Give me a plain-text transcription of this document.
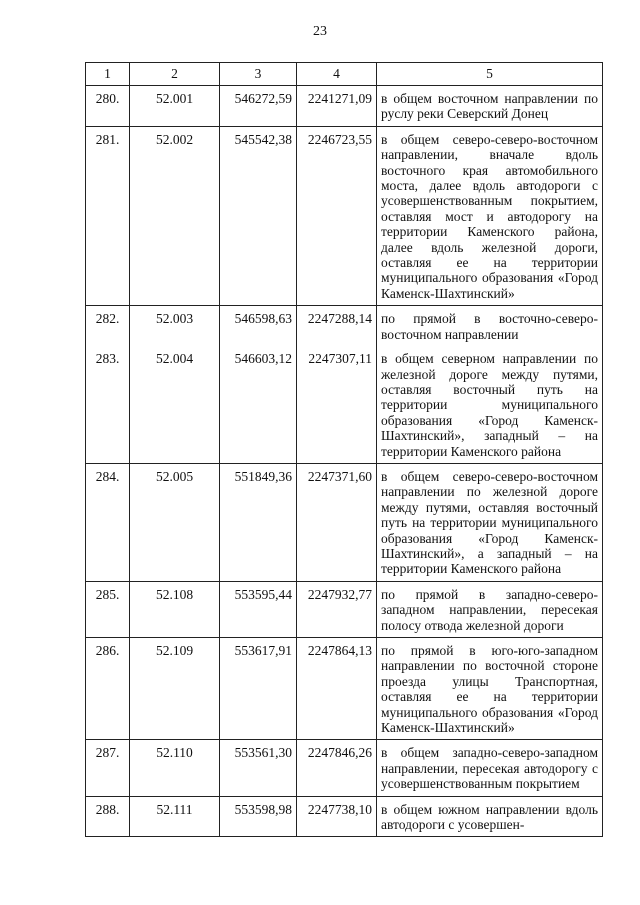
23
1	2	3	4	5
280.	52.001	546272,59	2241271,09	в общем восточном направлении по руслу реки Северский Донец
281.	52.002	545542,38	2246723,55	в общем северо-северо-восточном направлении, вначале вдоль восточного края автомобильного моста, далее вдоль автодороги с усовершенствованным покрытием, оставляя мост и автодорогу на территории Каменского района, далее вдоль железной дороги, оставляя ее на территории муниципального образования «Город Каменск-Шахтинский»
282.	52.003	546598,63	2247288,14	по прямой в восточно-северо-восточном направлении
283.	52.004	546603,12	2247307,11	в общем северном направлении по железной дороге между путями, оставляя восточный путь на территории муниципального образования «Город Каменск-Шахтинский», западный – на территории Каменского района
284.	52.005	551849,36	2247371,60	в общем северо-северо-восточном направлении по железной дороге между путями, оставляя восточный путь на территории муниципального образования «Город Каменск-Шахтинский», а западный – на территории Каменского района
285.	52.108	553595,44	2247932,77	по прямой в западно-северо-западном направлении, пересекая полосу отвода железной дороги
286.	52.109	553617,91	2247864,13	по прямой в юго-юго-западном направлении по восточной стороне проезда улицы Транспортная, оставляя ее на территории муниципального образования «Город Каменск-Шахтинский»
287.	52.110	553561,30	2247846,26	в общем западно-северо-западном направлении, пересекая автодорогу с усовершенствованным покрытием
288.	52.111	553598,98	2247738,10	в общем южном направлении вдоль автодороги с усовершен-
